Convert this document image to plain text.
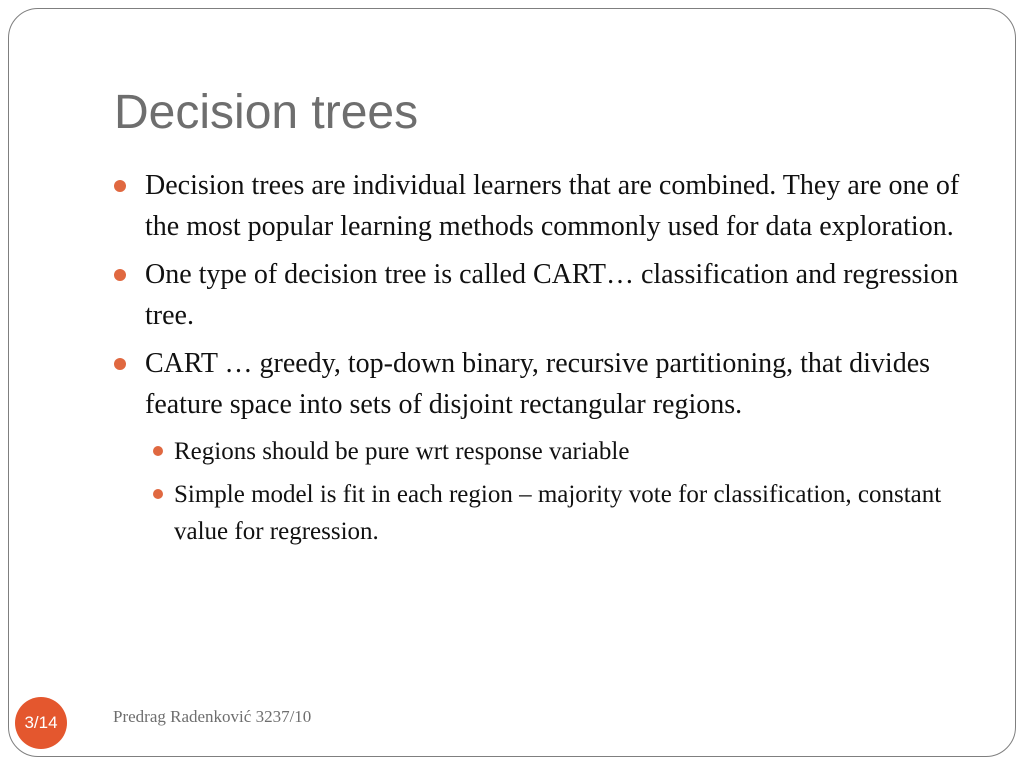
Decision trees
Decision trees are individual learners that are combined. They are one of the most popular learning methods commonly used for data exploration.
One type of decision tree is called CART… classification and regression tree.
CART … greedy, top-down binary, recursive partitioning, that divides feature space into sets of disjoint rectangular regions.
Regions should be pure wrt response variable
Simple model is fit in each region – majority vote for classification, constant value for regression.
3/14	Predrag Radenković 3237/10
